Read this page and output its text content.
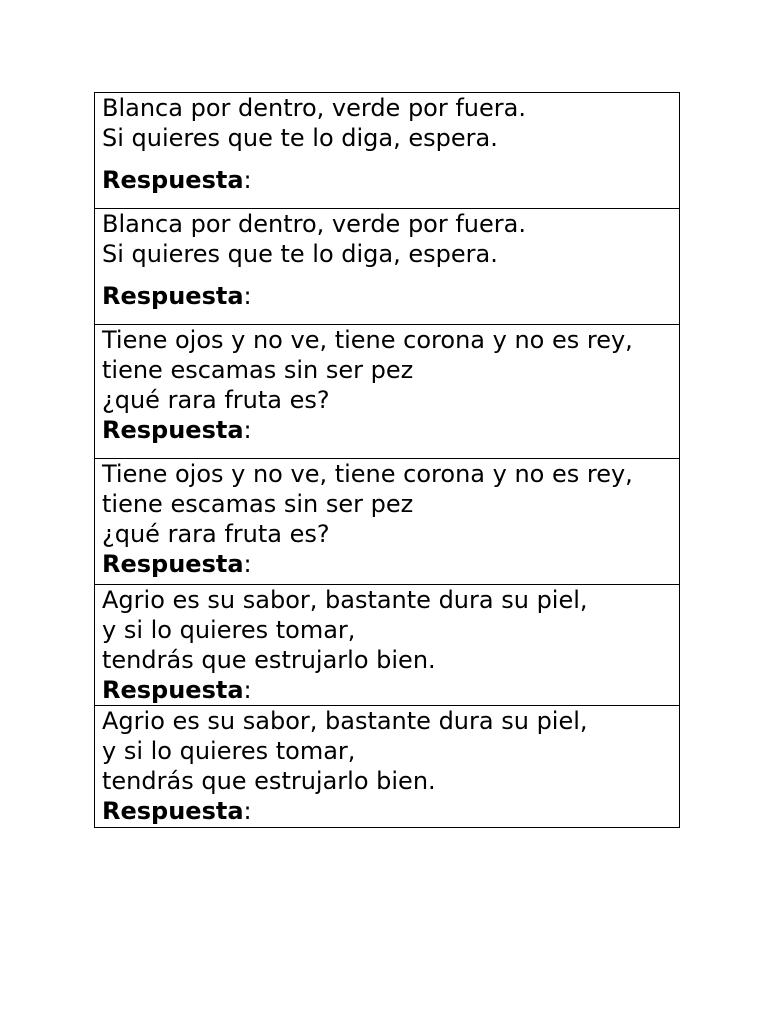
Blanca por dentro, verde por fuera.
Si quieres que te lo diga, espera.
Respuesta:

Blanca por dentro, verde por fuera.
Si quieres que te lo diga, espera.
Respuesta:

Tiene ojos y no ve, tiene corona y no es rey,
tiene escamas sin ser pez
¿qué rara fruta es?
Respuesta:

Tiene ojos y no ve, tiene corona y no es rey,
tiene escamas sin ser pez
¿qué rara fruta es?
Respuesta:

Agrio es su sabor, bastante dura su piel,
y si lo quieres tomar,
tendrás que estrujarlo bien.
Respuesta:

Agrio es su sabor, bastante dura su piel,
y si lo quieres tomar,
tendrás que estrujarlo bien.
Respuesta:
